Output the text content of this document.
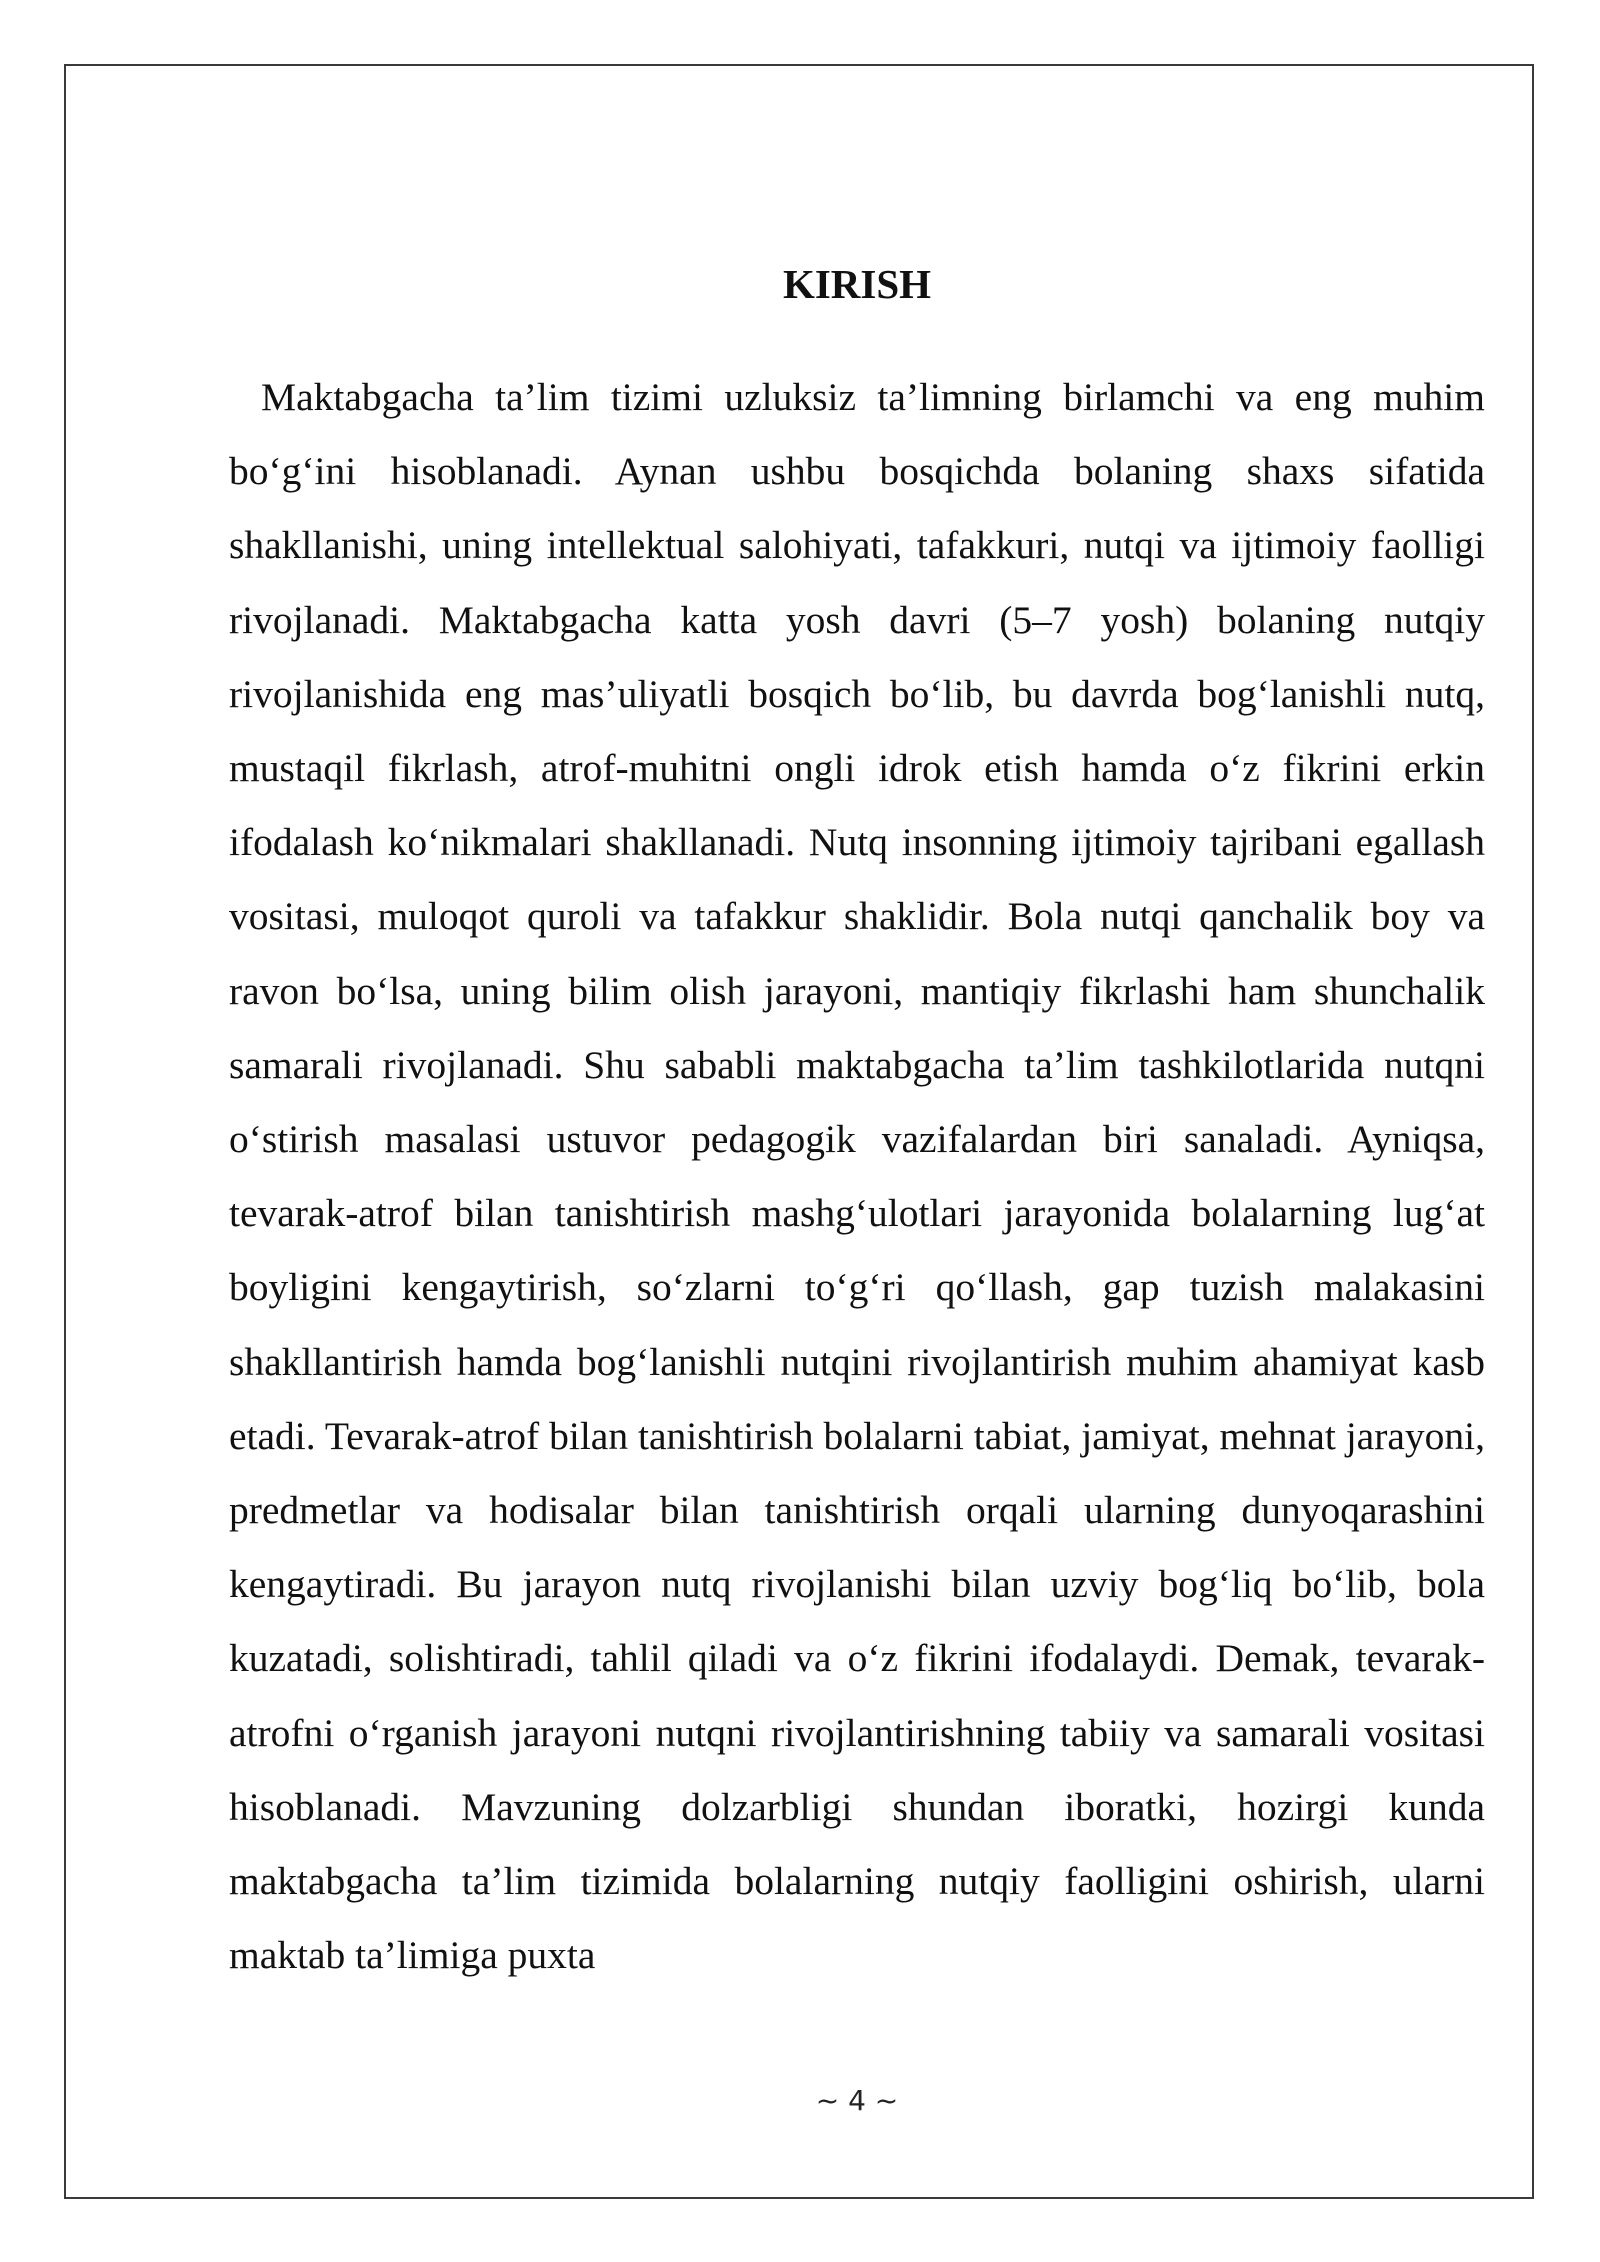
KIRISH

Maktabgacha ta’lim tizimi uzluksiz ta’limning birlamchi va eng muhim bo‘g‘ini hisoblanadi. Aynan ushbu bosqichda bolaning shaxs sifatida shakllanishi, uning intellektual salohiyati, tafakkuri, nutqi va ijtimoiy faolligi rivojlanadi. Maktabgacha katta yosh davri (5–7 yosh) bolaning nutqiy rivojlanishida eng mas’uliyatli bosqich bo‘lib, bu davrda bog‘lanishli nutq, mustaqil fikrlash, atrof-muhitni ongli idrok etish hamda o‘z fikrini erkin ifodalash ko‘nikmalari shakllanadi. Nutq insonning ijtimoiy tajribani egallash vositasi, muloqot quroli va tafakkur shaklidir. Bola nutqi qanchalik boy va ravon bo‘lsa, uning bilim olish jarayoni, mantiqiy fikrlashi ham shunchalik samarali rivojlanadi. Shu sababli maktabgacha ta’lim tashkilotlarida nutqni o‘stirish masalasi ustuvor pedagogik vazifalardan biri sanaladi. Ayniqsa, tevarak-atrof bilan tanishtirish mashg‘ulotlari jarayonida bolalarning lug‘at boyligini kengaytirish, so‘zlarni to‘g‘ri qo‘llash, gap tuzish malakasini shakllantirish hamda bog‘lanishli nutqini rivojlantirish muhim ahamiyat kasb etadi. Tevarak-atrof bilan tanishtirish bolalarni tabiat, jamiyat, mehnat jarayoni, predmetlar va hodisalar bilan tanishtirish orqali ularning dunyoqarashini kengaytiradi. Bu jarayon nutq rivojlanishi bilan uzviy bog‘liq bo‘lib, bola kuzatadi, solishtiradi, tahlil qiladi va o‘z fikrini ifodalaydi. Demak, tevarak-atrofni o‘rganish jarayoni nutqni rivojlantirishning tabiiy va samarali vositasi hisoblanadi. Mavzuning dolzarbligi shundan iboratki, hozirgi kunda maktabgacha ta’lim tizimida bolalarning nutqiy faolligini oshirish, ularni maktab ta’limiga puxta

~ 4 ~
